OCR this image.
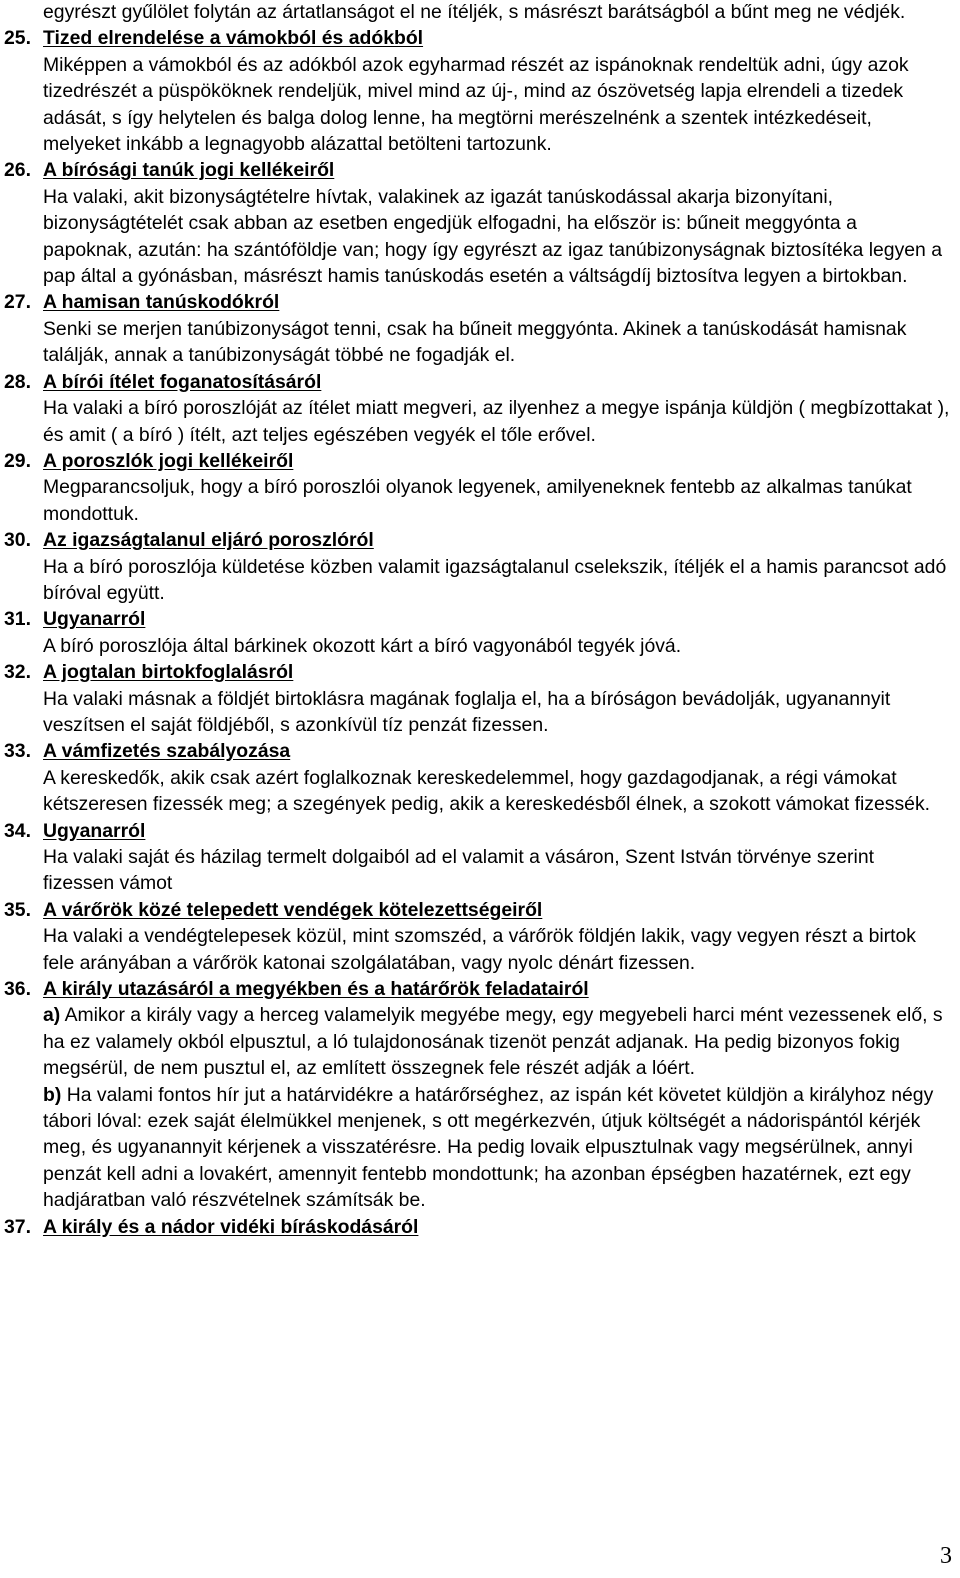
egyrészt gyűlölet folytán az ártatlanságot el ne ítéljék, s másrészt barátságból a bűnt meg ne védjék.
25. Tized elrendelése a vámokból és adókból
Miképpen a vámokból és az adókból azok egyharmad részét az ispánoknak rendeltük adni, úgy azok tizedrészét a püspököknek rendeljük, mivel mind az új-, mind az ószövetség lapja elrendeli a tizedek adását, s így helytelen és balga dolog lenne, ha megtörni merészelnénk a szentek intézkedéseit, melyeket inkább a legnagyobb alázattal betölteni tartozunk.
26. A bírósági tanúk jogi kellékeiről
Ha valaki, akit bizonyságtételre hívtak, valakinek az igazát tanúskodással akarja bizonyítani, bizonyságtételét csak abban az esetben engedjük elfogadni, ha először is: bűneit meggyónta a papoknak, azután: ha szántóföldje van; hogy így egyrészt az igaz tanúbizonyságnak biztosítéka legyen a pap által a gyónásban, másrészt hamis tanúskodás esetén a váltságdíj biztosítva legyen a birtokban.
27. A hamisan tanúskodókról
Senki se merjen tanúbizonyságot tenni, csak ha bűneit meggyónta. Akinek a tanúskodását hamisnak találják, annak a tanúbizonyságát többé ne fogadják el.
28. A bírói ítélet foganatosításáról
Ha valaki a bíró poroszlóját az ítélet miatt megveri, az ilyenhez a megye ispánja küldjön ( megbízottakat ), és amit ( a bíró ) ítélt, azt teljes egészében vegyék el tőle erővel.
29. A poroszlók jogi kellékeiről
Megparancsoljuk, hogy a bíró poroszlói olyanok legyenek, amilyeneknek fentebb az alkalmas tanúkat mondottuk.
30. Az igazságtalanul eljáró poroszlóról
Ha a bíró poroszlója küldetése közben valamit igazságtalanul cselekszik, ítéljék el a hamis parancsot adó bíróval együtt.
31. Ugyanarról
A bíró poroszlója által bárkinek okozott kárt a bíró vagyonából tegyék jóvá.
32. A jogtalan birtokfoglalásról
Ha valaki másnak a földjét birtoklásra magának foglalja el, ha a bíróságon bevádolják, ugyanannyit veszítsen el saját földjéből, s azonkívül tíz penzát fizessen.
33. A vámfizetés szabályozása
A kereskedők, akik csak azért foglalkoznak kereskedelemmel, hogy gazdagodjanak, a régi vámokat kétszeresen fizessék meg; a szegények pedig, akik a kereskedésből élnek, a szokott vámokat fizessék.
34. Ugyanarról
Ha valaki saját és házilag termelt dolgaiból ad el valamit a vásáron, Szent István törvénye szerint fizessen vámot
35. A várőrök közé telepedett vendégek kötelezettségeiről
Ha valaki a vendégtelepesek közül, mint szomszéd, a várőrök földjén lakik, vagy vegyen részt a birtok fele arányában a várőrök katonai szolgálatában, vagy nyolc dénárt fizessen.
36. A király utazásáról a megyékben és a határőrök feladatairól
a) Amikor a király vagy a herceg valamelyik megyébe megy, egy megyebeli harci mént vezessenek elő, s ha ez valamely okból elpusztul, a ló tulajdonosának tizenöt penzát adjanak. Ha pedig bizonyos fokig megsérül, de nem pusztul el, az említett összegnek fele részét adják a lóért.
b) Ha valami fontos hír jut a határvidékre a határőrséghez, az ispán két követet küldjön a királyhoz négy tábori lóval: ezek saját élelmükkel menjenek, s ott megérkezvén, útjuk költségét a nádorispántól kérjék meg, és ugyanannyit kérjenek a visszatérésre. Ha pedig lovaik elpusztulnak vagy megsérülnek, annyi penzát kell adni a lovakért, amennyit fentebb mondottunk; ha azonban épségben hazatérnek, ezt egy hadjáratban való részvételnek számítsák be.
37. A király és a nádor vidéki bíráskodásáról
3
